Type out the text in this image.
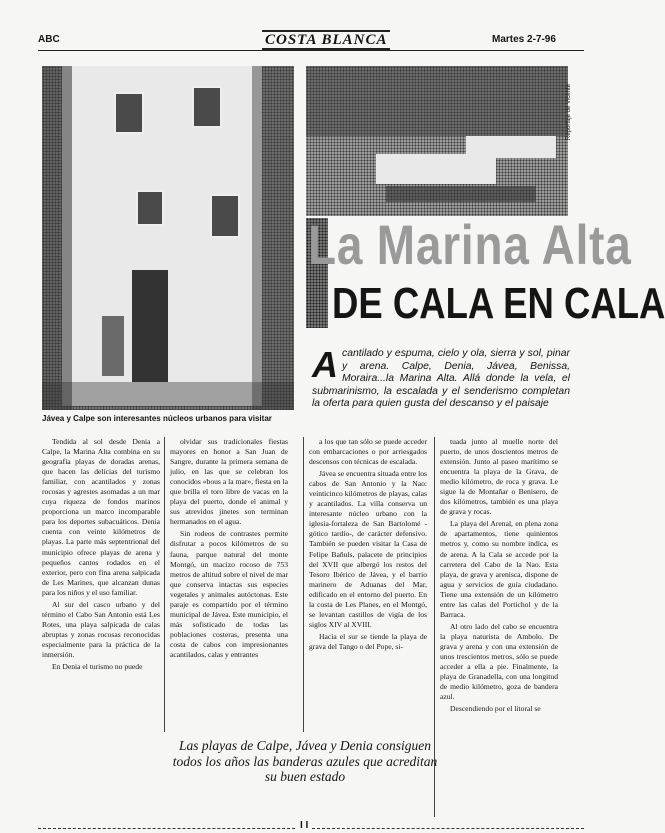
ABC	COSTA BLANCA	Martes 2-7-96
Jávea y Calpe son interesantes núcleos urbanos para visitar
Reportaje de Vicente
La Marina Alta
DE CALA EN CALA
A cantilado y espuma, cielo y ola, sierra y sol, pinar y arena. Calpe, Denia, Jávea, Benissa, Moraira...la Marina Alta. Allá donde la vela, el submarinismo, la escalada y el senderismo completan la oferta para quien gusta del descanso y el paisaje

Tendida al sol desde Denia a Calpe, la Marina Alta combina en su geografía playas de doradas arenas, que hacen las delicias del turismo familiar, con acantilados y zonas rocosas y agrestes asomadas a un mar cuya riqueza de fondos marinos proporciona un marco incomparable para los deportes subacuáticos. Denia cuenta con veinte kilómetros de playas. La parte más septentrional del municipio ofrece playas de arena y pequeños cantos rodados en el exterior, pero con fina arena salpicada de Les Marines, que alcanzan dunas para los niños y el uso familiar.

Al sur del casco urbano y del término el Cabo San Antonio está Les Rotes, una playa salpicada de calas abruptas y zonas rocosas reconocidas especialmente para la práctica de la inmersión.

En Denia el turismo no puede

olvidar sus tradicionales fiestas mayores en honor a San Juan de Sangre, durante la primera semana de julio, en las que se celebran los conocidos «bous a la mar», fiesta en la que brilla el toro libre de vacas en la playa del puerto, donde el animal y sus atrevidos jinetes son terminan hermanados en el agua.

Sin rodeos de contrastes permite disfrutar a pocos kilómetros de su fauna, parque natural del monte Montgó, un macizo rocoso de 753 metros de altitud sobre el nivel de mar que conserva intactas sus especies vegetales y animales autóctonas. Este paraje es compartido por el término municipal de Jávea. Este municipio, el más sofisticado de todas las poblaciones costeras, presenta una costa de cabos con impresionantes acantilados, calas y entrantes

a los que tan sólo se puede acceder con embarcaciones o por arriesgados descensos con técnicas de escalada.

Jávea se encuentra situada entre los cabos de San Antonio y la Nao: veinticinco kilómetros de playas, calas y acantilados. La villa conserva un interesante núcleo urbano con la iglesia-fortaleza de San Bartolomé -gótico tardío-, de carácter defensivo. También se pueden visitar la Casa de Felipe Bañuls, palacete de principios del XVII que albergó los restos del Tesoro Ibérico de Jávea, y el barrio marinero de Aduanas del Mar, edificado en el entorno del puerto. En la costa de Les Planes, en el Montgó, se levantan castillos de vigía de los siglos XIV al XVIII.

Hacia el sur se tiende la playa de grava del Tango o del Pope, si-

tuada junto al muelle norte del puerto, de unos doscientos metros de extensión. Junto al paseo marítimo se encuentra la playa de la Grava, de medio kilómetro, de roca y grava. Le sigue la de Montañar o Benisero, de dos kilómetros, también es una playa de grava y rocas.

La playa del Arenal, en plena zona de apartamentos, tiene quinientos metros y, como su nombre indica, es de arena. A la Cala se accede por la carretera del Cabo de la Nao. Esta playa, de grava y arenisca, dispone de agua y servicios de guía ciudadano. Tiene una extensión de un kilómetro entre las calas del Portichol y de la Barraca.

Al otro lado del cabo se encuentra la playa naturista de Ambolo. De grava y arena y con una extensión de unos trescientos metros, sólo se puede acceder a ella a pie. Finalmente, la playa de Granadella, con una longitud de medio kilómetro, goza de bandera azul.

Descendiendo por el litoral se

Las playas de Calpe, Jávea y Denia consiguen todos los años las banderas azules que acreditan su buen estado
I I
